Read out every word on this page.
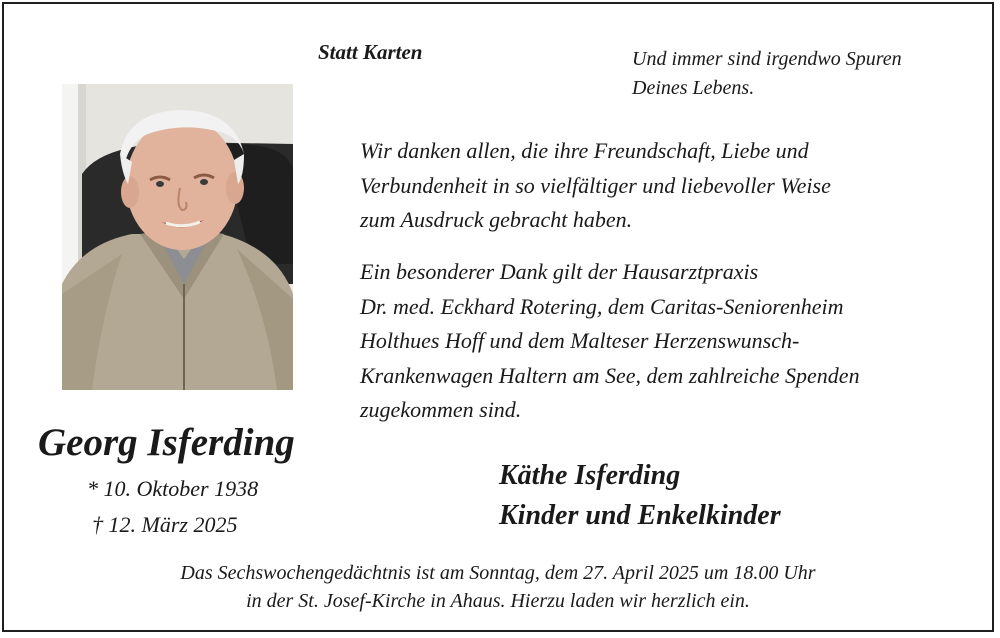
Statt Karten	Und immer sind irgendwo Spuren
Deines Lebens.
Wir danken allen, die ihre Freundschaft, Liebe und
Verbundenheit in so vielfältiger und liebevoller Weise
zum Ausdruck gebracht haben.
Ein besonderer Dank gilt der Hausarztpraxis
Dr. med. Eckhard Rotering, dem Caritas-Seniorenheim
Holthues Hoff und dem Malteser Herzenswunsch-
Krankenwagen Haltern am See, dem zahlreiche Spenden
zugekommen sind.
Georg Isferding
* 10. Oktober 1938
† 12. März 2025
Käthe Isferding
Kinder und Enkelkinder
Das Sechswochengedächtnis ist am Sonntag, dem 27. April 2025 um 18.00 Uhr
in der St. Josef-Kirche in Ahaus. Hierzu laden wir herzlich ein.
